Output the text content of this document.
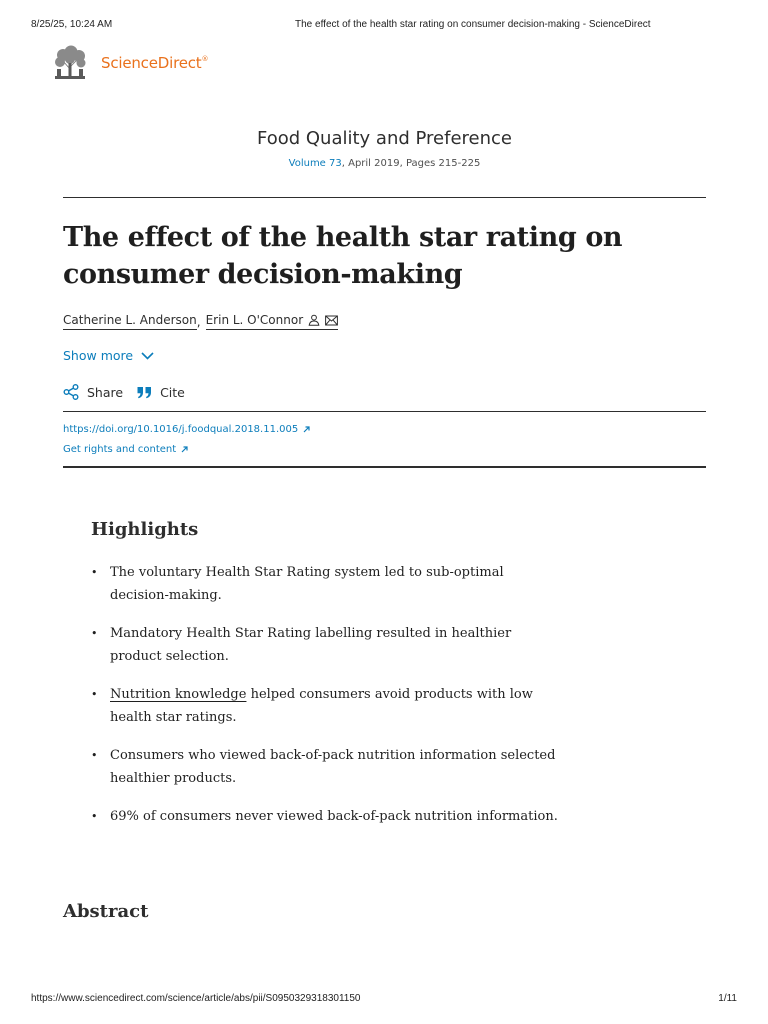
8/25/25, 10:24 AM	The effect of the health star rating on consumer decision-making - ScienceDirect
ScienceDirect®
Food Quality and Preference
Volume 73, April 2019, Pages 215-225
The effect of the health star rating on consumer decision-making
Catherine L. Anderson , Erin L. O'Connor
Show more
Share	Cite
https://doi.org/10.1016/j.foodqual.2018.11.005
Get rights and content
Highlights
• The voluntary Health Star Rating system led to sub-optimal decision-making.
• Mandatory Health Star Rating labelling resulted in healthier product selection.
• Nutrition knowledge helped consumers avoid products with low health star ratings.
• Consumers who viewed back-of-pack nutrition information selected healthier products.
• 69% of consumers never viewed back-of-pack nutrition information.
Abstract
https://www.sciencedirect.com/science/article/abs/pii/S0950329318301150	1/11
